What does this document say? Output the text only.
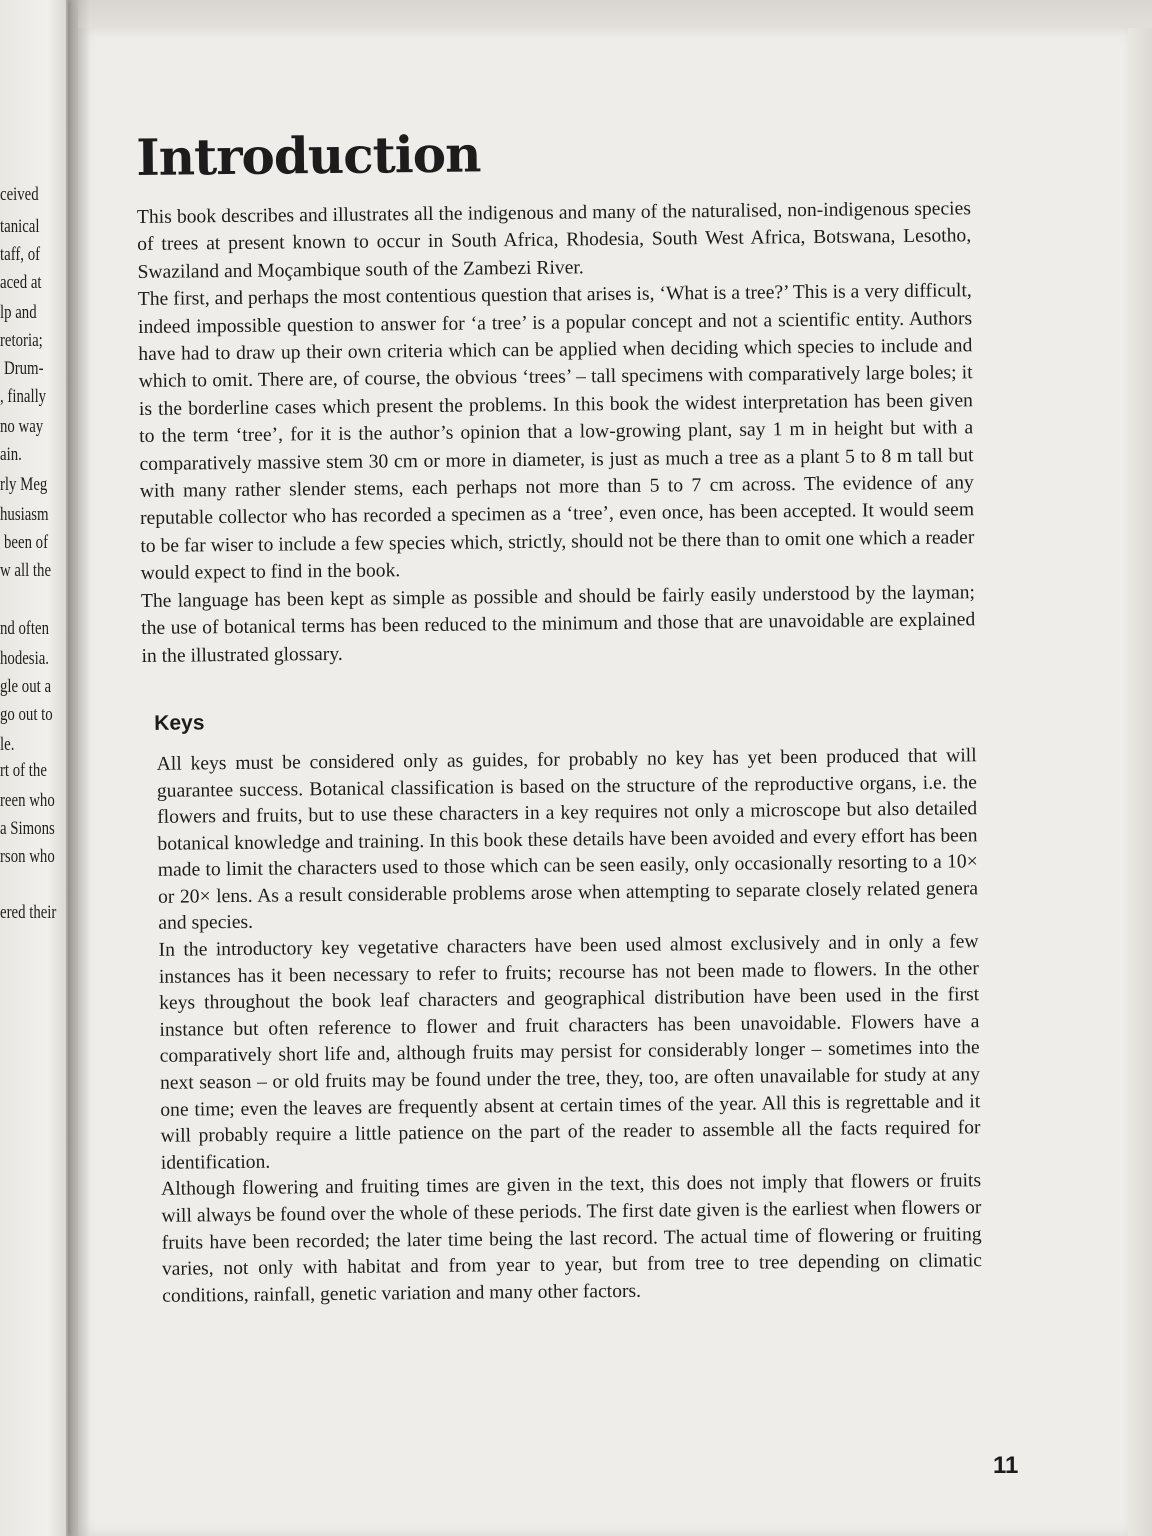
ceived
tanical
taff, of
aced at
lp and
retoria;
Drum-
, finally
no way
ain.
rly Meg
husiasm
been of
w all the
nd often
hodesia.
gle out a
go out to
le.
rt of the
reen who
a Simons
rson who
ered their
Introduction

This book describes and illustrates all the indigenous and many of the naturalised, non-indigenous species of trees at present known to occur in South Africa, Rhodesia, South West Africa, Botswana, Lesotho, Swaziland and Moçambique south of the Zambezi River.

The first, and perhaps the most contentious question that arises is, ‘What is a tree?’ This is a very difficult, indeed impossible question to answer for ‘a tree’ is a popular concept and not a scientific entity. Authors have had to draw up their own criteria which can be applied when deciding which species to include and which to omit. There are, of course, the obvious ‘trees’ – tall specimens with comparatively large boles; it is the borderline cases which present the problems. In this book the widest interpretation has been given to the term ‘tree’, for it is the author’s opinion that a low-growing plant, say 1 m in height but with a comparatively massive stem 30 cm or more in diameter, is just as much a tree as a plant 5 to 8 m tall but with many rather slender stems, each perhaps not more than 5 to 7 cm across. The evidence of any reputable collector who has recorded a specimen as a ‘tree’, even once, has been accepted. It would seem to be far wiser to include a few species which, strictly, should not be there than to omit one which a reader would expect to find in the book.

The language has been kept as simple as possible and should be fairly easily understood by the layman; the use of botanical terms has been reduced to the minimum and those that are unavoidable are explained in the illustrated glossary.

Keys

All keys must be considered only as guides, for probably no key has yet been produced that will guarantee success. Botanical classification is based on the structure of the reproductive organs, i.e. the flowers and fruits, but to use these characters in a key requires not only a microscope but also detailed botanical knowledge and training. In this book these details have been avoided and every effort has been made to limit the characters used to those which can be seen easily, only occasionally resorting to a 10× or 20× lens. As a result considerable problems arose when attempting to separate closely related genera and species.

In the introductory key vegetative characters have been used almost exclusively and in only a few instances has it been necessary to refer to fruits; recourse has not been made to flowers. In the other keys throughout the book leaf characters and geographical distribution have been used in the first instance but often reference to flower and fruit characters has been unavoidable. Flowers have a comparatively short life and, although fruits may persist for considerably longer – sometimes into the next season – or old fruits may be found under the tree, they, too, are often unavailable for study at any one time; even the leaves are frequently absent at certain times of the year. All this is regrettable and it will probably require a little patience on the part of the reader to assemble all the facts required for identification.

Although flowering and fruiting times are given in the text, this does not imply that flowers or fruits will always be found over the whole of these periods. The first date given is the earliest when flowers or fruits have been recorded; the later time being the last record. The actual time of flowering or fruiting varies, not only with habitat and from year to year, but from tree to tree depending on climatic conditions, rainfall, genetic variation and many other factors.

11
